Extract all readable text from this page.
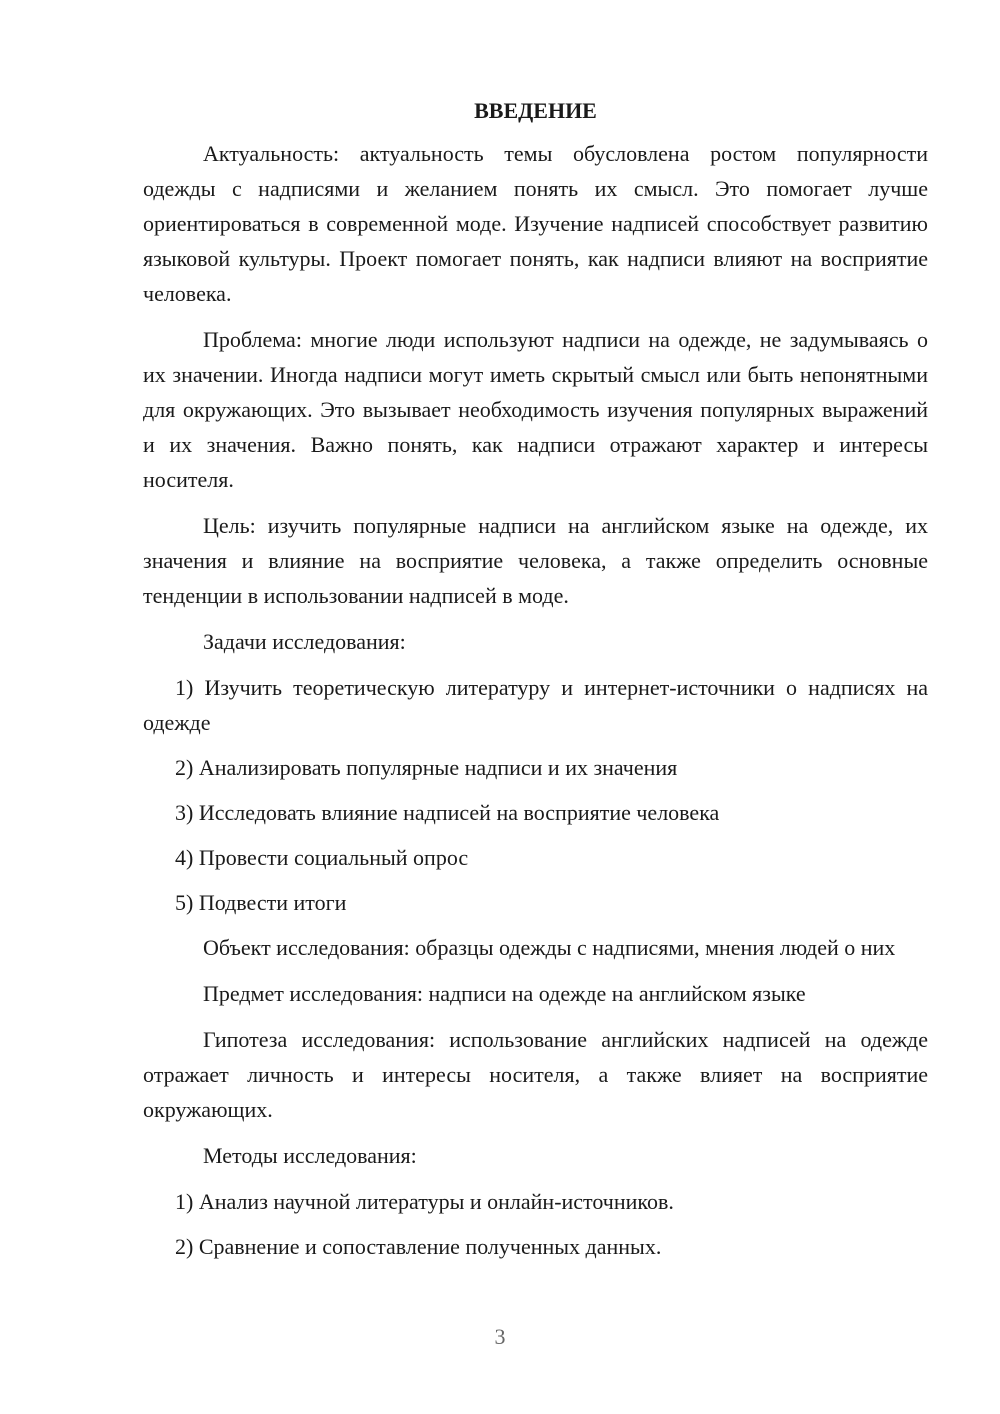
ВВЕДЕНИЕ

Актуальность: актуальность темы обусловлена ростом популярности одежды с надписями и желанием понять их смысл. Это помогает лучше ориентироваться в современной моде. Изучение надписей способствует развитию языковой культуры. Проект помогает понять, как надписи влияют на восприятие человека.

Проблема: многие люди используют надписи на одежде, не задумываясь о их значении. Иногда надписи могут иметь скрытый смысл или быть непонятными для окружающих. Это вызывает необходимость изучения популярных выражений и их значения. Важно понять, как надписи отражают характер и интересы носителя.

Цель: изучить популярные надписи на английском языке на одежде, их значения и влияние на восприятие человека, а также определить основные тенденции в использовании надписей в моде.

Задачи исследования:

1) Изучить теоретическую литературу и интернет-источники о надписях на одежде

2) Анализировать популярные надписи и их значения

3) Исследовать влияние надписей на восприятие человека

4) Провести социальный опрос

5) Подвести итоги

Объект исследования: образцы одежды с надписями, мнения людей о них

Предмет исследования: надписи на одежде на английском языке

Гипотеза исследования: использование английских надписей на одежде отражает личность и интересы носителя, а также влияет на восприятие окружающих.

Методы исследования:

1) Анализ научной литературы и онлайн-источников.

2) Сравнение и сопоставление полученных данных.

3
